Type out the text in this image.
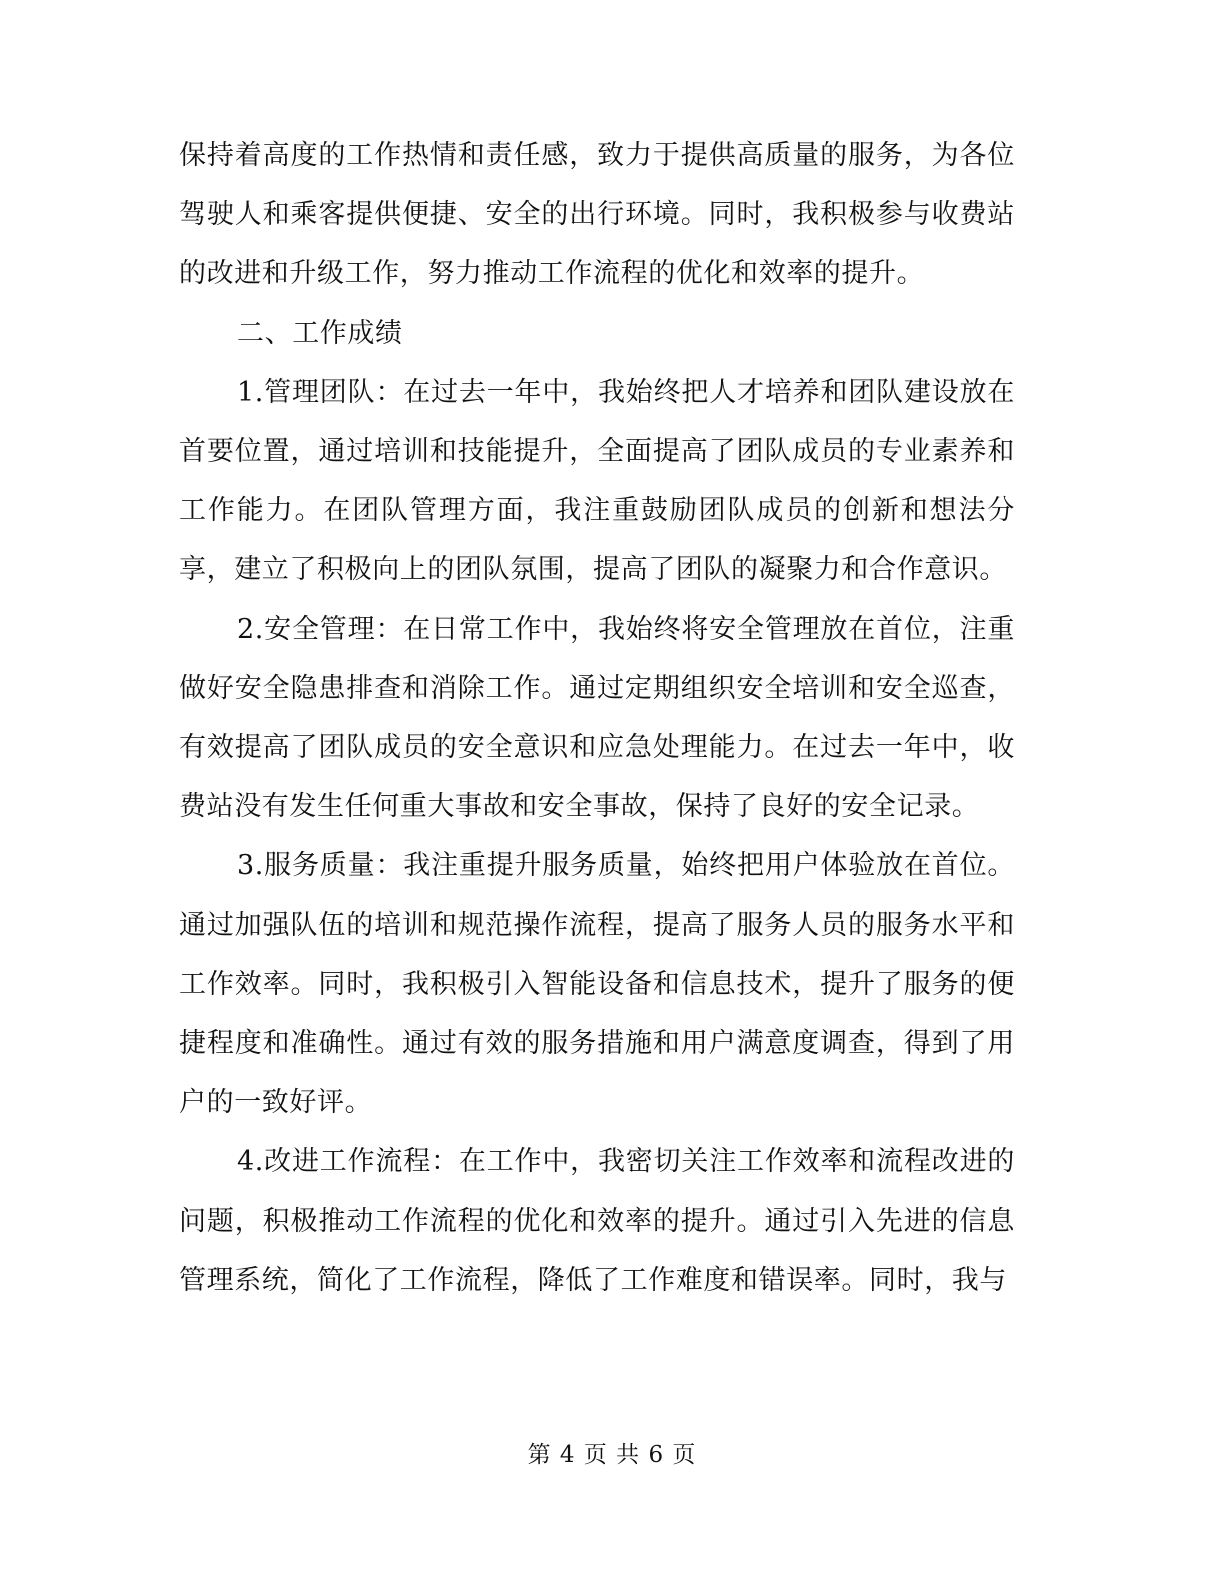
保持着高度的工作热情和责任感，致力于提供高质量的服务，为各位驾驶人和乘客提供便捷、安全的出行环境。同时，我积极参与收费站的改进和升级工作，努力推动工作流程的优化和效率的提升。

二、工作成绩

1.管理团队：在过去一年中，我始终把人才培养和团队建设放在首要位置，通过培训和技能提升，全面提高了团队成员的专业素养和工作能力。在团队管理方面，我注重鼓励团队成员的创新和想法分享，建立了积极向上的团队氛围，提高了团队的凝聚力和合作意识。

2.安全管理：在日常工作中，我始终将安全管理放在首位，注重做好安全隐患排查和消除工作。通过定期组织安全培训和安全巡查，有效提高了团队成员的安全意识和应急处理能力。在过去一年中，收费站没有发生任何重大事故和安全事故，保持了良好的安全记录。

3.服务质量：我注重提升服务质量，始终把用户体验放在首位。通过加强队伍的培训和规范操作流程，提高了服务人员的服务水平和工作效率。同时，我积极引入智能设备和信息技术，提升了服务的便捷程度和准确性。通过有效的服务措施和用户满意度调查，得到了用户的一致好评。

4.改进工作流程：在工作中，我密切关注工作效率和流程改进的问题，积极推动工作流程的优化和效率的提升。通过引入先进的信息管理系统，简化了工作流程，降低了工作难度和错误率。同时，我与

第 4 页 共 6 页
